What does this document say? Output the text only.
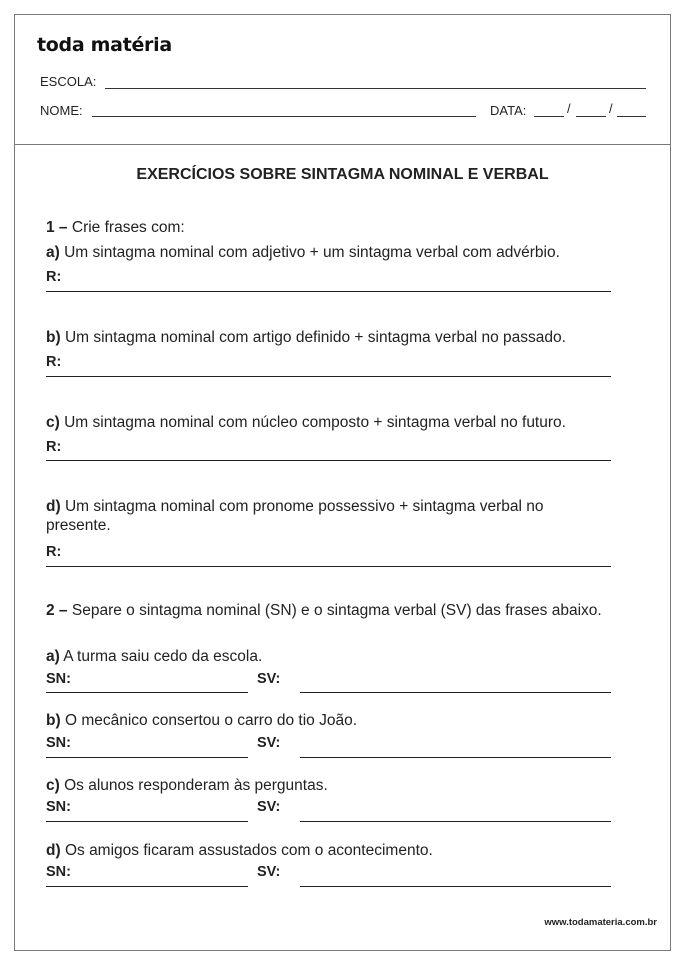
toda matéria
ESCOLA:
NOME:	DATA:	/	/
EXERCÍCIOS SOBRE SINTAGMA NOMINAL E VERBAL
1 – Crie frases com:
a) Um sintagma nominal com adjetivo + um sintagma verbal com advérbio.
R:
b) Um sintagma nominal com artigo definido + sintagma verbal no passado.
R:
c) Um sintagma nominal com núcleo composto + sintagma verbal no futuro.
R:
d) Um sintagma nominal com pronome possessivo + sintagma verbal no presente.
R:
2 – Separe o sintagma nominal (SN) e o sintagma verbal (SV) das frases abaixo.
a) A turma saiu cedo da escola.
SN:	SV:
b) O mecânico consertou o carro do tio João.
SN:	SV:
c) Os alunos responderam às perguntas.
SN:	SV:
d) Os amigos ficaram assustados com o acontecimento.
SN:	SV:
www.todamateria.com.br
